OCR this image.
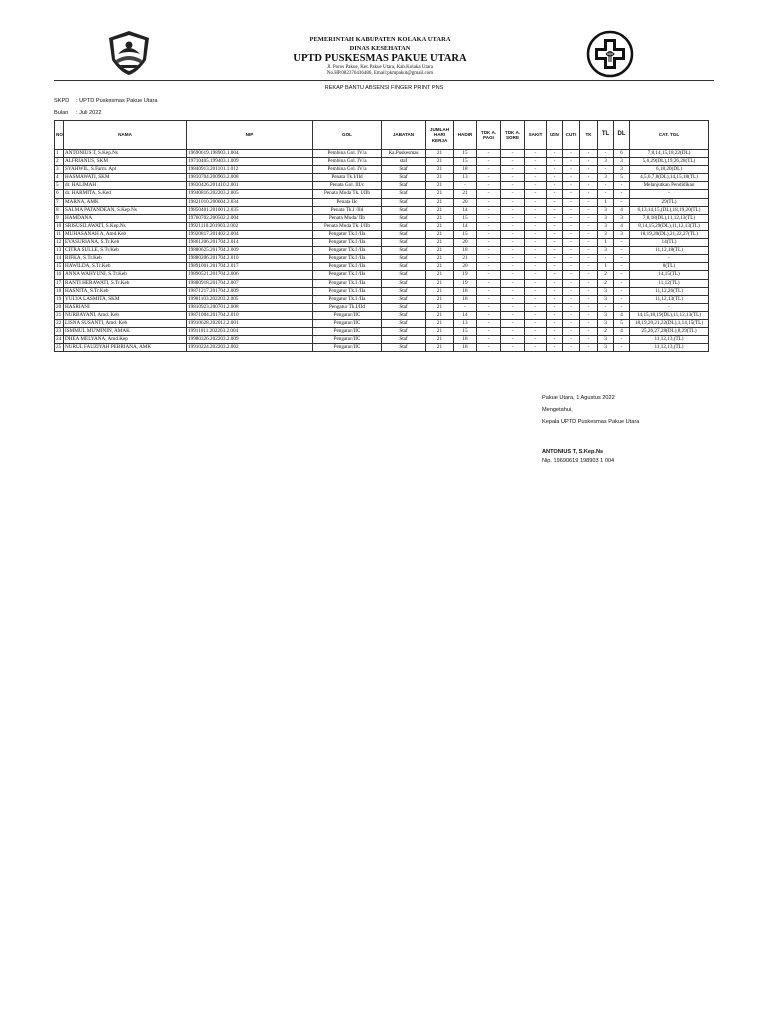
PEMERINTAH KABUPATEN KOLAKA UTARA
DINAS KESEHATAN
UPTD PUSKESMAS PAKUE UTARA
Jl. Poros Pakue, Kec.Pakue Utara, Kab.Kolaka Utara
No.HP.082376436486, Email:pkmpakut@gmail.com
REKAP BANTU ABSENSI FINGER PRINT PNS
SKPD : UPTD Puskesmas Pakue Utara
Bulan : Juli 2022
NO	NAMA	NIP	GOL	JABATAN	JUMLAH HARI KERJA	HADIR	TDK A. PAGI	TDK A. SORE	SAKIT	IZIN	CUTI	TK	TL	DL	CAT. TGL
1	ANTONIUS T, S.Kep.Ns	19690619.198903.1.004	Pembina Gol. IV/a	Ka.Puskesmas	21	15	-	-	-	-	-	-	-	6	7,8,14,15,18,22(DL)
2	ALFRIANUS, SKM	19710405.199403.1.009	Pembina Gol. IV/a	staf	21	15	-	-	-	-	-	-	3	3	5,6,29(DL),19,26,28(TL)
3	SYAHWIL, S.Farm. Apt	19840913.201101.1.012	Pembina Gol. IV/a	Staf	21	18	-	-	-	-	-	-	-	3	6,18,20(DL)
4	HASMAWATI, SKM	19810704.200903.2.008	Penata Tk.I/IId	Staf	21	13	-	-	-	-	-	-	3	5	4,5,6,7,8(DL),14,15,18(TL)
5	dr. HALIMAH	19830426.201410.2.001	Penata Gol. III/c	Staf	21	-	-	-	-	-	-	-	-	-	Melanjutkan Pendidikan
6	dr. HARMITA, S.Ked	19940816.202203.2.005	Penata Muda Tk. I/IIb	Staf	21	21	-	-	-	-	-	-	-	-	-
7	MARNA, AMK	19821010.200604.2.034	Penata IIc	Staf	21	20	-	-	-	-	-	-	1	-	29(TL)
8	SALMA PATANDEAN, S.Kep.Ns	19850401.201001.2.035	Penata Tk.I /IId	Staf	21	14	-	-	-	-	-	-	3	4	6,13,14,15,(DL),18,19,20(TL)
9	HAMDANA	19760702.200502.2.004	Penata Muda/ IIb	Staf	21	15	-	-	-	-	-	-	3	3	7,8,18(DL),11,12,13(TL)
10	SRISUSILAWATI, S.Kep.Ns	19921110.201903.2.002	Penata Muda Tk. I/IIb	Staf	21	14	-	-	-	-	-	-	3	4	8,14,15,29(DL),11,12,13(TL)
11	MUHASANAH A, Amd.Keb	19920817.201402.2.004	Pengatur Tk.I /IIa	Staf	21	15	-	-	-	-	-	-	3	3	18,19,20(DL),21,22,27(TL)
12	EVASURIANA, S.Tr.Keb	19861206.201704.2.014	Pengatur Tk.I /IIa	Staf	21	20	-	-	-	-	-	-	1	-	14(TL)
13	CITRA SULLE, S.Tr.Keb	19880625.201704.2.009	Pengatur Tk.I /IIa	Staf	21	18	-	-	-	-	-	-	3	-	11,12,18(TL)
14	RIFKA, S.Tr.Keb	19880206.201704.2.010	Pengatur Tk.I /IIa	Staf	21	21	-	-	-	-	-	-	-	-	-
15	HAWILDA, S.Tr.Keb	19891001.201704.2.017	Pengatur Tk.I /IIa	Staf	21	20	-	-	-	-	-	-	1	-	8(TL)
16	ANNA WAHYUNI, S.Tr.Keb	19890521.201704.2.006	Pengatur Tk.I /IIa	Staf	21	19	-	-	-	-	-	-	2	-	14,15(TL)
17	RANTI HERAWATI, S.Tr.Keb	19880918.201704.2.007	Pengatur Tk.I /IIa	Staf	21	19	-	-	-	-	-	-	2	-	11,12(TL)
18	HASNITA, S.Tr.Keb	19871217.201704.2.009	Pengatur Tk.I /IIa	Staf	21	18	-	-	-	-	-	-	3	-	11,12,26(TL)
19	YULYA LASMITA, SKM	19981103.202203.2.005	Pengatur Tk.I /IIa	Staf	21	18	-	-	-	-	-	-	3	-	11,12,13(TL)
20	HASRIANI	19810923.200701.2.008	Pengatur Tk.I/IId	Staf	21	-	-	-	-	-	-	-	-	-	-
21	NURBAYANI, Amd. Keb	19871004.201704.2.010	Pengatur/IIC	Staf	21	14	-	-	-	-	-	-	3	4	14,15,18,19(DL),11,12,13(TL)
22	LISNA SUSANTI, Amd. Keb	19910628.202012.2.001	Pengatur/IIC	Staf	21	13	-	-	-	-	-	-	3	5	18,19,20,21,22(DL),1,14,15(TL)
23	ISMMUL MU'MININ, AMAK	19911011.202203.2.004	Pengatur/IIC	Staf	21	15	-	-	-	-	-	-	2	4	25,26,27,28(DL),8,29(TL)
24	DHEA MELYANA, Amd.Kep	19980326.202203.2.009	Pengatur/IIC	Staf	21	18	-	-	-	-	-	-	3	-	11,12,13,(TL)
25	NURUL FAUZIYAH PEBRIANA, AMK	19910224.202203.2.002	Pengatur/IIC	Staf	21	18	-	-	-	-	-	-	3	-	11,12,13,(TL)
Pakue Utara, 1 Agustus 2022
Mengetahui,
Kepala UPTD Puskesmas Pakue Utara
ANTONIUS T, S.Kep.Ns
Nip. 19690619 198903 1 004
